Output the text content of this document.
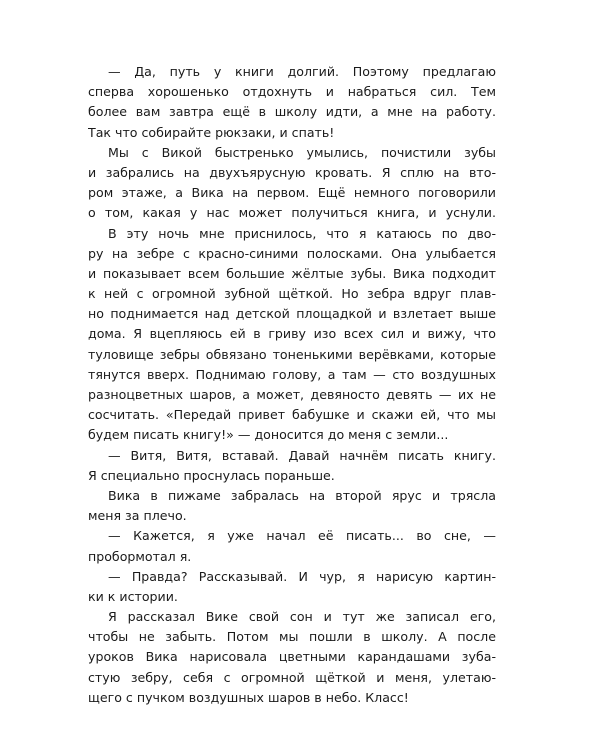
— Да, путь у книги долгий. Поэтому предлагаю
сперва хорошенько отдохнуть и набраться сил. Тем
более вам завтра ещё в школу идти, а мне на работу.
Так что собирайте рюкзаки, и спать!
Мы с Викой быстренько умылись, почистили зубы
и забрались на двухъярусную кровать. Я сплю на вто-
ром этаже, а Вика на первом. Ещё немного поговорили
о том, какая у нас может получиться книга, и уснули.
В эту ночь мне приснилось, что я катаюсь по дво-
ру на зебре с красно-синими полосками. Она улыбается
и показывает всем большие жёлтые зубы. Вика подходит
к ней с огромной зубной щёткой. Но зебра вдруг плав-
но поднимается над детской площадкой и взлетает выше
дома. Я вцепляюсь ей в гриву изо всех сил и вижу, что
туловище зебры обвязано тоненькими верёвками, которые
тянутся вверх. Поднимаю голову, а там — сто воздушных
разноцветных шаров, а может, девяносто девять — их не
сосчитать. «Передай привет бабушке и скажи ей, что мы
будем писать книгу!» — доносится до меня с земли...
— Витя, Витя, вставай. Давай начнём писать книгу.
Я специально проснулась пораньше.
Вика в пижаме забралась на второй ярус и трясла
меня за плечо.
— Кажется, я уже начал её писать... во сне, —
пробормотал я.
— Правда? Рассказывай. И чур, я нарисую картин-
ки к истории.
Я рассказал Вике свой сон и тут же записал его,
чтобы не забыть. Потом мы пошли в школу. А после
уроков Вика нарисовала цветными карандашами зуба-
стую зебру, себя с огромной щёткой и меня, улетаю-
щего с пучком воздушных шаров в небо. Класс!
